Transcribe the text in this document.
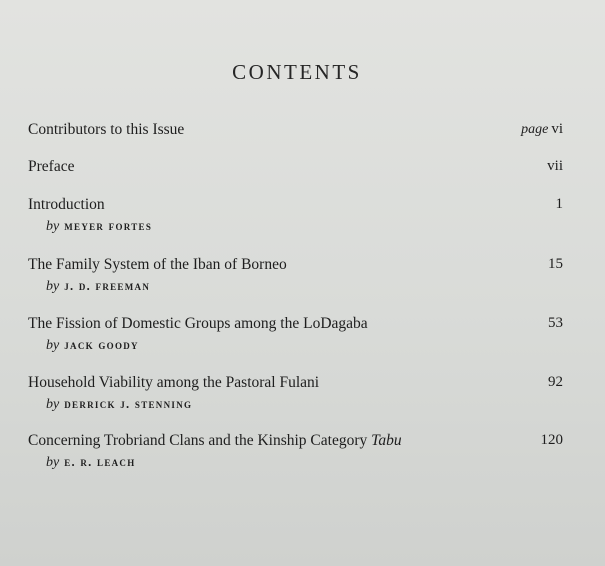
CONTENTS
Contributors to this Issue	page vi
Preface	vii
Introduction	1
by meyer fortes
The Family System of the Iban of Borneo	15
by j. d. freeman
The Fission of Domestic Groups among the LoDagaba	53
by jack goody
Household Viability among the Pastoral Fulani	92
by derrick j. stenning
Concerning Trobriand Clans and the Kinship Category Tabu	120
by e. r. leach
